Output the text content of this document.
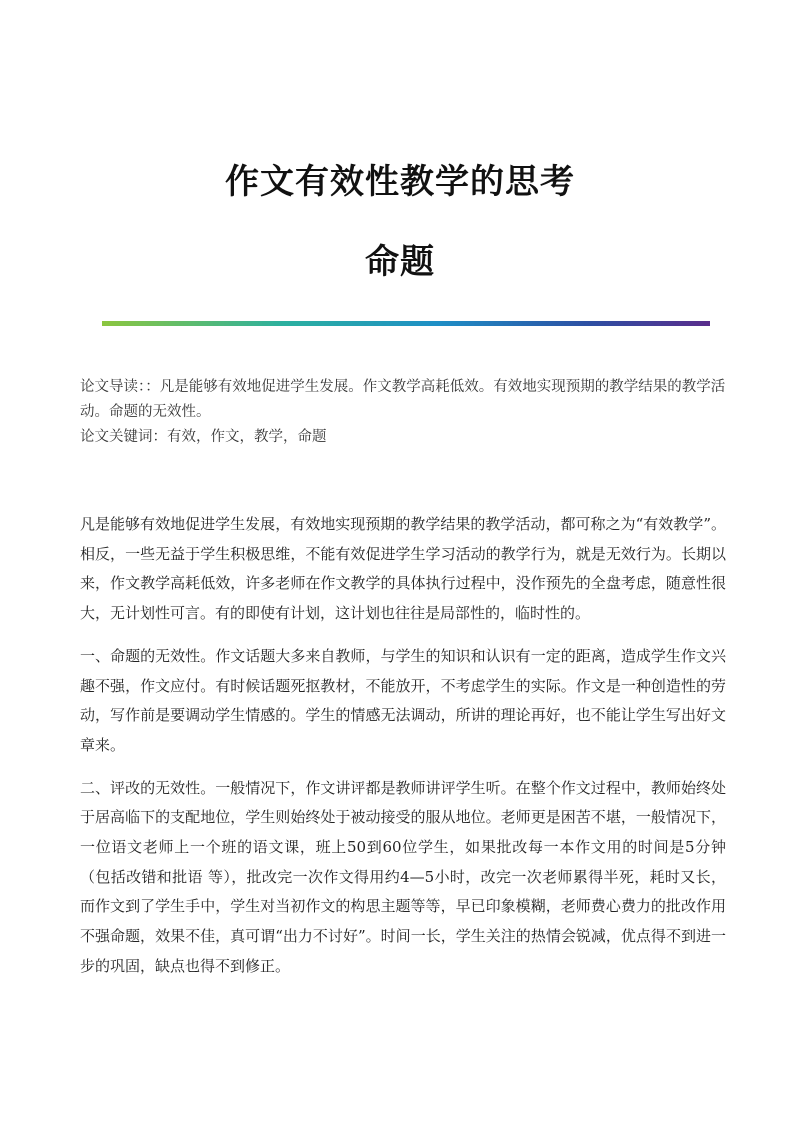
作文有效性教学的思考
命题

论文导读：：凡是能够有效地促进学生发展。作文教学高耗低效。有效地实现预期的教学结果的教学活动。命题的无效性。

论文关键词：有效，作文，教学，命题

凡是能够有效地促进学生发展，有效地实现预期的教学结果的教学活动，都可称之为“有效教学”。相反，一些无益于学生积极思维，不能有效促进学生学习活动的教学行为，就是无效行为。长期以来，作文教学高耗低效，许多老师在作文教学的具体执行过程中，没作预先的全盘考虑，随意性很大，无计划性可言。有的即使有计划，这计划也往往是局部性的，临时性的。

一、命题的无效性。作文话题大多来自教师，与学生的知识和认识有一定的距离，造成学生作文兴趣不强，作文应付。有时候话题死抠教材，不能放开，不考虑学生的实际。作文是一种创造性的劳动，写作前是要调动学生情感的。学生的情感无法调动，所讲的理论再好，也不能让学生写出好文章来。

二、评改的无效性。一般情况下，作文讲评都是教师讲评学生听。在整个作文过程中，教师始终处于居高临下的支配地位，学生则始终处于被动接受的服从地位。老师更是困苦不堪，一般情况下，一位语文老师上一个班的语文课，班上50到60位学生，如果批改每一本作文用的时间是5分钟（包括改错和批语 等），批改完一次作文得用约4—5小时，改完一次老师累得半死，耗时又长，而作文到了学生手中，学生对当初作文的构思主题等等，早已印象模糊，老师费心费力的批改作用不强命题，效果不佳，真可谓“出力不讨好”。时间一长，学生关注的热情会锐减，优点得不到进一步的巩固，缺点也得不到修正。
